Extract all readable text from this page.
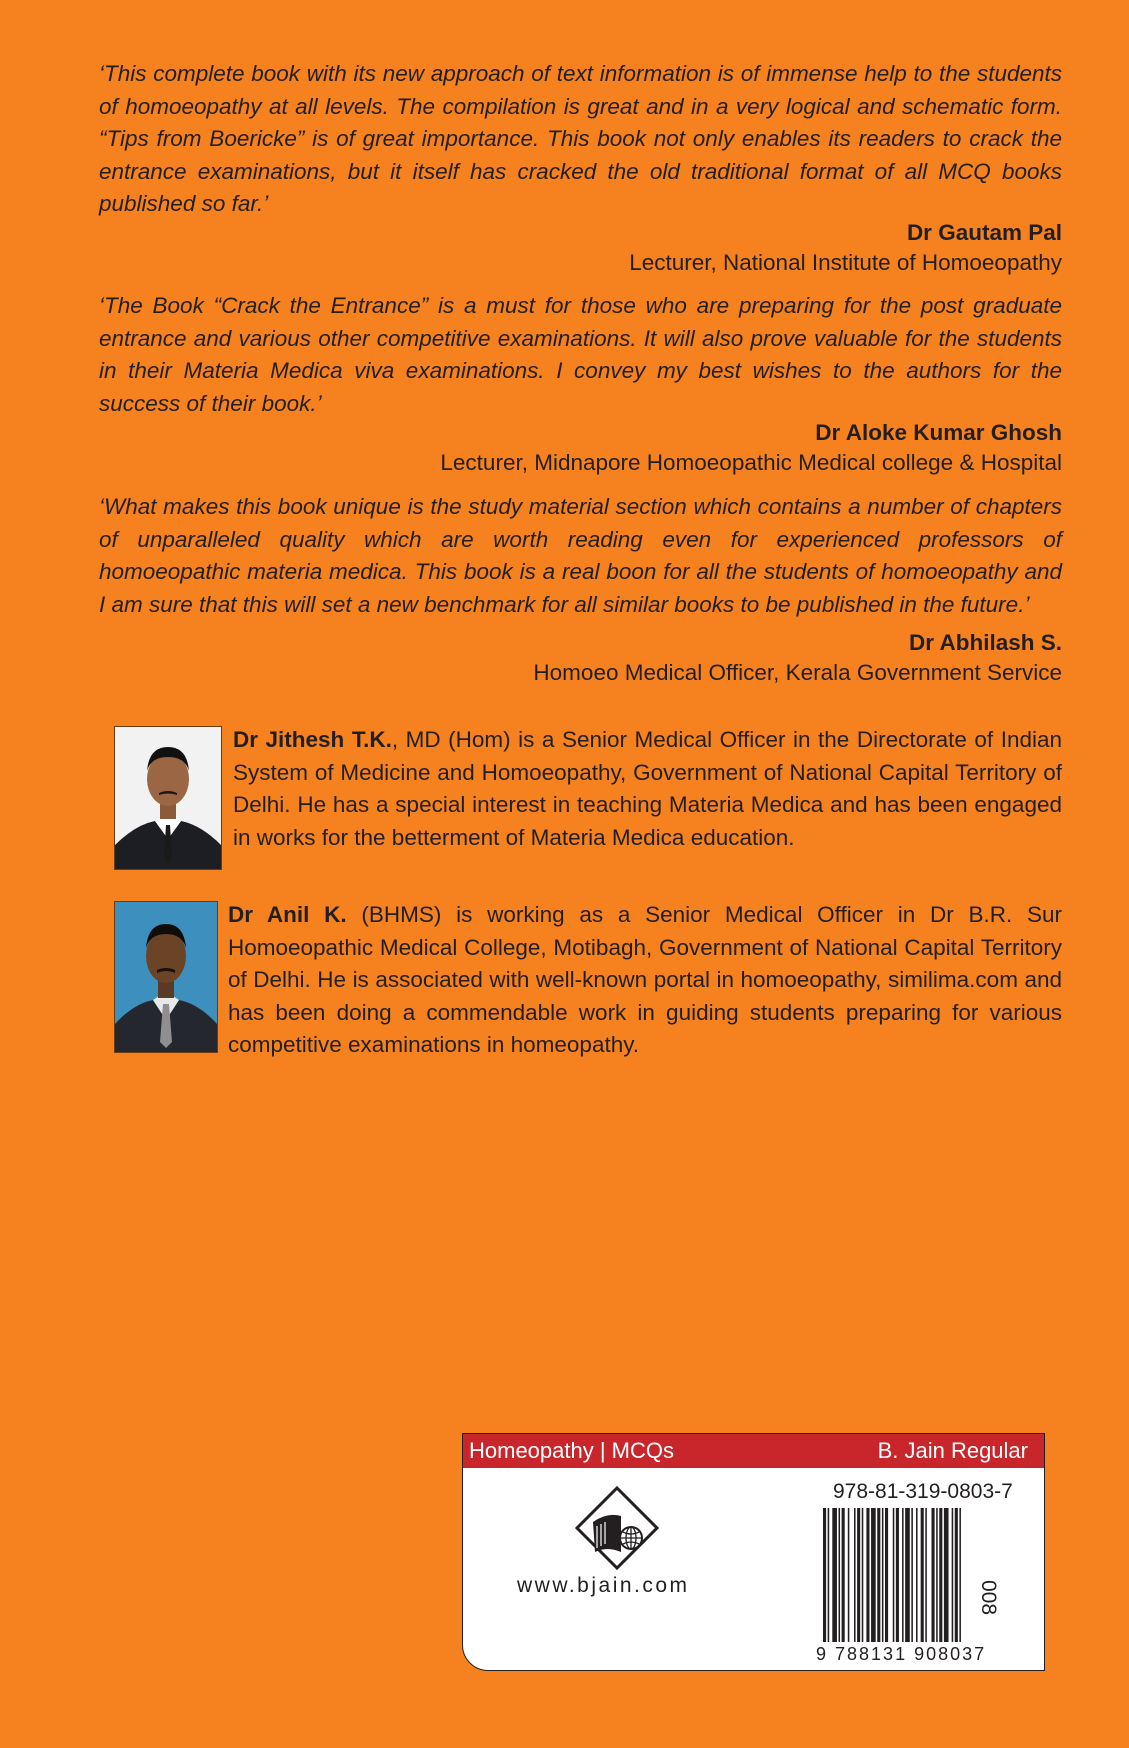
‘This complete book with its new approach of text information is of immense help to the students of homoeopathy at all levels. The compilation is great and in a very logical and schematic form. “Tips from Boericke” is of great importance. This book not only enables its readers to crack the entrance examinations, but it itself has cracked the old traditional format of all MCQ books published so far.’
Dr Gautam Pal
Lecturer, National Institute of Homoeopathy
‘The Book “Crack the Entrance” is a must for those who are preparing for the post graduate entrance and various other competitive examinations. It will also prove valuable for the students in their Materia Medica viva examinations. I convey my best wishes to the authors for the success of their book.’
Dr Aloke Kumar Ghosh
Lecturer, Midnapore Homoeopathic Medical college & Hospital
‘What makes this book unique is the study material section which contains a number of chapters of unparalleled quality which are worth reading even for experienced professors of homoeopathic materia medica. This book is a real boon for all the students of homoeopathy and I am sure that this will set a new benchmark for all similar books to be published in the future.’
Dr Abhilash S.
Homoeo Medical Officer, Kerala Government Service
Dr Jithesh T.K., MD (Hom) is a Senior Medical Officer in the Directorate of Indian System of Medicine and Homoeopathy, Government of National Capital Territory of Delhi. He has a special interest in teaching Materia Medica and has been engaged in works for the betterment of Materia Medica education.
Dr Anil K. (BHMS) is working as a Senior Medical Officer in Dr B.R. Sur Homoeopathic Medical College, Motibagh, Government of National Capital Territory of Delhi. He is associated with well-known portal in homoeopathy, similima.com and has been doing a commendable work in guiding students preparing for various competitive examinations in homeopathy.
Homeopathy | MCQs	B. Jain Regular
www.bjain.com
978-81-319-0803-7
9 788131 908037
008
